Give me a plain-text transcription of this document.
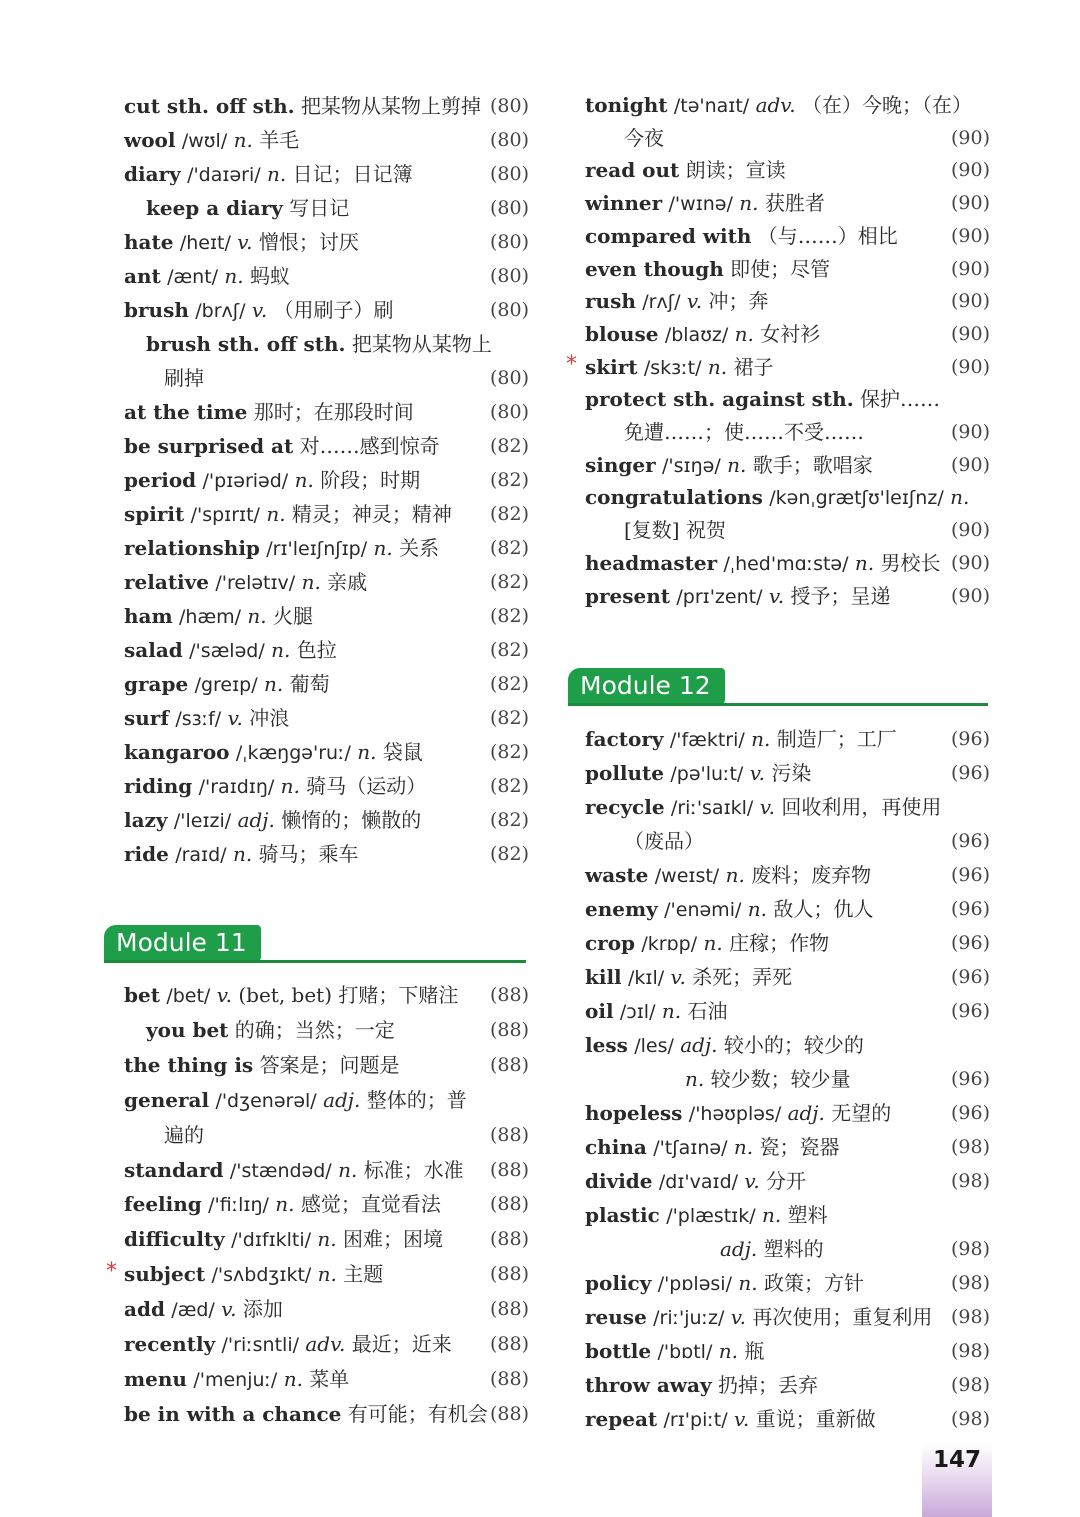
cut sth. off sth. 把某物从某物上剪掉 (80)
wool /wʊl/ n. 羊毛	(80)
diary /'daɪəri/ n. 日记；日记簿	(80)
keep a diary 写日记	(80)
hate /heɪt/ v. 憎恨；讨厌	(80)
ant /ænt/ n. 蚂蚁	(80)
brush /brʌʃ/ v. （用刷子）刷	(80)
brush sth. off sth. 把某物从某物上
刷掉	(80)
at the time 那时；在那段时间	(80)
be surprised at 对……感到惊奇	(82)
period /'pɪəriəd/ n. 阶段；时期	(82)
spirit /'spɪrɪt/ n. 精灵；神灵；精神 (82)
relationship /rɪ'leɪʃnʃɪp/ n. 关系	(82)
relative /'relətɪv/ n. 亲戚	(82)
ham /hæm/ n. 火腿	(82)
salad /'sæləd/ n. 色拉	(82)
grape /greɪp/ n. 葡萄	(82)
surf /sɜːf/ v. 冲浪	(82)
kangaroo /ˌkæŋgə'ruː/ n. 袋鼠	(82)
riding /'raɪdɪŋ/ n. 骑马（运动）	(82)
lazy /'leɪzi/ adj. 懒惰的；懒散的	(82)
ride /raɪd/ n. 骑马；乘车	(82)
Module 11
bet /bet/ v. (bet, bet) 打赌；下赌注 (88)
you bet 的确；当然；一定	(88)
the thing is 答案是；问题是	(88)
general /'dʒenərəl/ adj. 整体的；普
遍的	(88)
standard /'stændəd/ n. 标准；水准 (88)
feeling /'fiːlɪŋ/ n. 感觉；直觉看法	(88)
difficulty /'dɪfɪklti/ n. 困难；困境 (88)
* subject /'sʌbdʒɪkt/ n. 主题	(88)
add /æd/ v. 添加	(88)
recently /'riːsntli/ adv. 最近；近来 (88)
menu /'menjuː/ n. 菜单	(88)
be in with a chance 有可能；有机会 (88)
tonight /tə'naɪt/ adv. （在）今晚；（在）
今夜	(90)
read out 朗读；宣读	(90)
winner /'wɪnə/ n. 获胜者	(90)
compared with （与……）相比	(90)
even though 即使；尽管	(90)
rush /rʌʃ/ v. 冲；奔	(90)
blouse /blaʊz/ n. 女衬衫	(90)
* skirt /skɜːt/ n. 裙子	(90)
protect sth. against sth. 保护……
免遭……；使……不受……	(90)
singer /'sɪŋə/ n. 歌手；歌唱家	(90)
congratulations /kənˌgrætʃʊ'leɪʃnz/ n.
[复数] 祝贺	(90)
headmaster /ˌhed'mɑːstə/ n. 男校长 (90)
present /prɪ'zent/ v. 授予；呈递	(90)
Module 12
factory /'fæktri/ n. 制造厂；工厂	(96)
pollute /pə'luːt/ v. 污染	(96)
recycle /riː'saɪkl/ v. 回收利用，再使用
（废品）	(96)
waste /weɪst/ n. 废料；废弃物	(96)
enemy /'enəmi/ n. 敌人；仇人	(96)
crop /krɒp/ n. 庄稼；作物	(96)
kill /kɪl/ v. 杀死；弄死	(96)
oil /ɔɪl/ n. 石油	(96)
less /les/ adj. 较小的；较少的
n. 较少数；较少量	(96)
hopeless /'həʊpləs/ adj. 无望的	(96)
china /'tʃaɪnə/ n. 瓷；瓷器	(98)
divide /dɪ'vaɪd/ v. 分开	(98)
plastic /'plæstɪk/ n. 塑料
adj. 塑料的	(98)
policy /'pɒləsi/ n. 政策；方针	(98)
reuse /riː'juːz/ v. 再次使用；重复利用 (98)
bottle /'bɒtl/ n. 瓶	(98)
throw away 扔掉；丢弃	(98)
repeat /rɪ'piːt/ v. 重说；重新做	(98)
147
